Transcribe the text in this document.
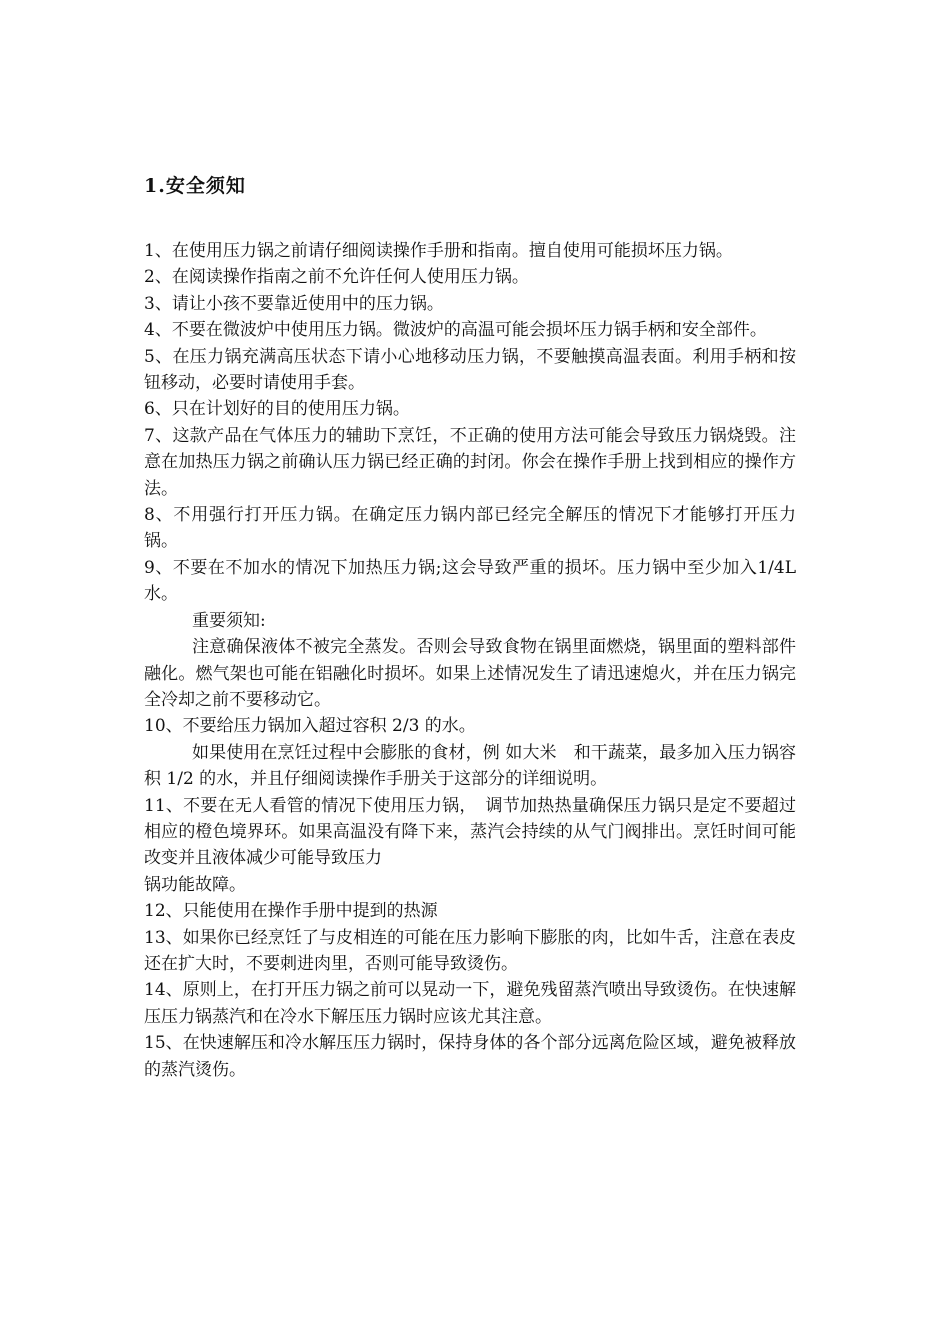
1.安全须知

1、在使用压力锅之前请仔细阅读操作手册和指南。擅自使用可能损坏压力锅。

2、在阅读操作指南之前不允许任何人使用压力锅。

3、请让小孩不要靠近使用中的压力锅。

4、不要在微波炉中使用压力锅。微波炉的高温可能会损坏压力锅手柄和安全部件。

5、在压力锅充满高压状态下请小心地移动压力锅，不要触摸高温表面。利用手柄和按钮移动，必要时请使用手套。

6、只在计划好的目的使用压力锅。

7、这款产品在气体压力的辅助下烹饪，不正确的使用方法可能会导致压力锅烧毁。注意在加热压力锅之前确认压力锅已经正确的封闭。你会在操作手册上找到相应的操作方法。

8、不用强行打开压力锅。在确定压力锅内部已经完全解压的情况下才能够打开压力锅。

9、不要在不加水的情况下加热压力锅;这会导致严重的损坏。压力锅中至少加入1/4L水。

重要须知:

注意确保液体不被完全蒸发。否则会导致食物在锅里面燃烧，锅里面的塑料部件融化。燃气架也可能在铝融化时损坏。如果上述情况发生了请迅速熄火，并在压力锅完全冷却之前不要移动它。

10、不要给压力锅加入超过容积 2/3 的水。

如果使用在烹饪过程中会膨胀的食材，例 如大米　和干蔬菜，最多加入压力锅容积 1/2 的水，并且仔细阅读操作手册关于这部分的详细说明。

11、不要在无人看管的情况下使用压力锅，　调节加热热量确保压力锅只是定不要超过相应的橙色境界环。如果高温没有降下来，蒸汽会持续的从气门阀排出。烹饪时间可能改变并且液体减少可能导致压力

锅功能故障。

12、只能使用在操作手册中提到的热源

13、如果你已经烹饪了与皮相连的可能在压力影响下膨胀的肉，比如牛舌，注意在表皮还在扩大时，不要刺进肉里，否则可能导致烫伤。

14、原则上，在打开压力锅之前可以晃动一下，避免残留蒸汽喷出导致烫伤。在快速解压压力锅蒸汽和在冷水下解压压力锅时应该尤其注意。

15、在快速解压和冷水解压压力锅时，保持身体的各个部分远离危险区域，避免被释放的蒸汽烫伤。
